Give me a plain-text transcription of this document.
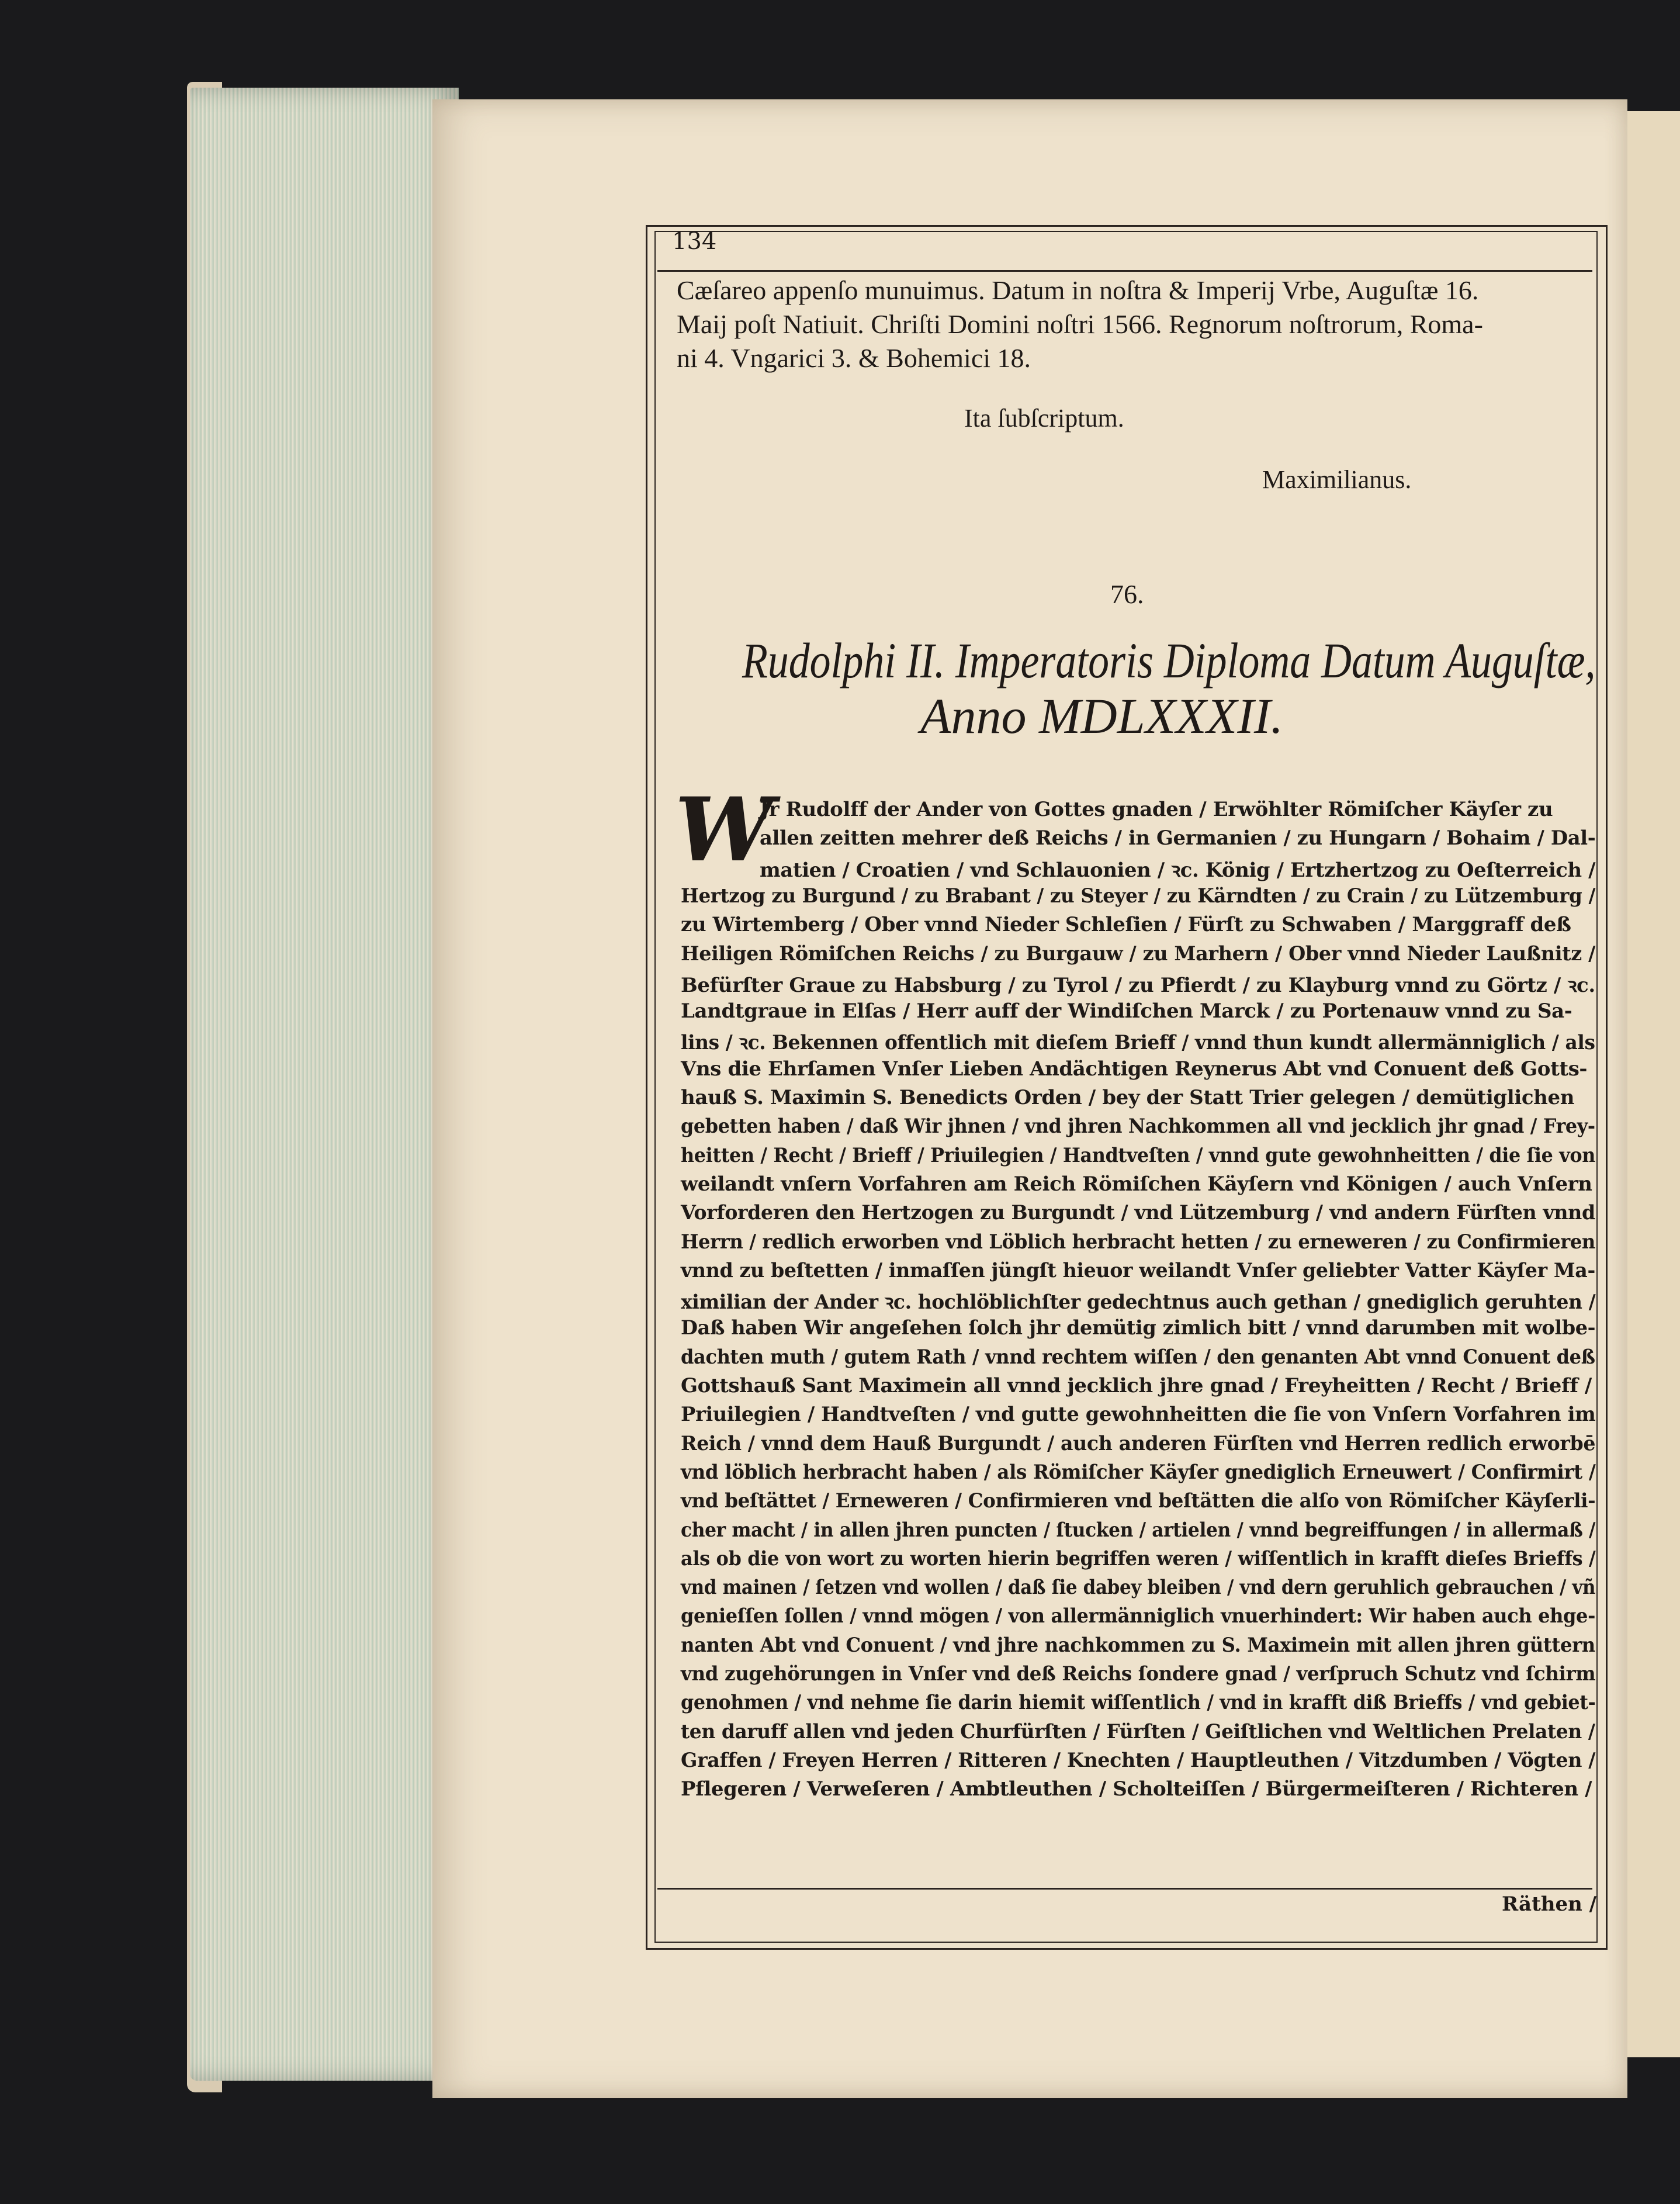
134
Cæſareo appenſo munuimus. Datum in noſtra & Imperij Vrbe, Auguſtæ 16.
Maij poſt Natiuit. Chriſti Domini noſtri 1566. Regnorum noſtrorum, Roma-
ni 4. Vngarici 3. & Bohemici 18.
Ita ſubſcriptum.
Maximilianus.
76.
Rudolphi II. Imperatoris Diploma Datum Auguſtæ,
Anno MDLXXXII.
W
Jr Rudolff der Ander von Gottes gnaden / Erwöhlter Römiſcher Käyſer zu
allen zeitten mehrer deß Reichs / in Germanien / zu Hungarn / Bohaim / Dal-
matien / Croatien / vnd Schlauonien / ꝛc. König / Ertzhertzog zu Oeſterreich /
Hertzog zu Burgund / zu Brabant / zu Steyer / zu Kärndten / zu Crain / zu Lützemburg /
zu Wirtemberg / Ober vnnd Nieder Schleſien / Fürſt zu Schwaben / Marggraff deß
Heiligen Römiſchen Reichs / zu Burgauw / zu Marhern / Ober vnnd Nieder Laußnitz /
Befürſter Graue zu Habsburg / zu Tyrol / zu Pfierdt / zu Klayburg vnnd zu Görtz / ꝛc.
Landtgraue in Elſas / Herr auff der Windiſchen Marck / zu Portenauw vnnd zu Sa-
lins / ꝛc. Bekennen offentlich mit dieſem Brieff / vnnd thun kundt allermänniglich / als
Vns die Ehrſamen Vnſer Lieben Andächtigen Reynerus Abt vnd Conuent deß Gotts-
hauß S. Maximin S. Benedicts Orden / bey der Statt Trier gelegen / demütiglichen
gebetten haben / daß Wir jhnen / vnd jhren Nachkommen all vnd jecklich jhr gnad / Frey-
heitten / Recht / Brieff / Priuilegien / Handtveſten / vnnd gute gewohnheitten / die ſie von
weilandt vnſern Vorfahren am Reich Römiſchen Käyſern vnd Königen / auch Vnſern
Vorforderen den Hertzogen zu Burgundt / vnd Lützemburg / vnd andern Fürſten vnnd
Herrn / redlich erworben vnd Löblich herbracht hetten / zu erneweren / zu Confirmieren
vnnd zu beſtetten / inmaſſen jüngſt hieuor weilandt Vnſer geliebter Vatter Käyſer Ma-
ximilian der Ander ꝛc. hochlöblichſter gedechtnus auch gethan / gnediglich geruhten /
Daß haben Wir angeſehen ſolch jhr demütig zimlich bitt / vnnd darumben mit wolbe-
dachten muth / gutem Rath / vnnd rechtem wiſſen / den genanten Abt vnnd Conuent deß
Gottshauß Sant Maximein all vnnd jecklich jhre gnad / Freyheitten / Recht / Brieff /
Priuilegien / Handtveſten / vnd gutte gewohnheitten die ſie von Vnſern Vorfahren im
Reich / vnnd dem Hauß Burgundt / auch anderen Fürſten vnd Herren redlich erworbē
vnd löblich herbracht haben / als Römiſcher Käyſer gnediglich Erneuwert / Confirmirt /
vnd beſtättet / Erneweren / Confirmieren vnd beſtätten die alſo von Römiſcher Käyſerli-
cher macht / in allen jhren puncten / ſtucken / artielen / vnnd begreiffungen / in allermaß /
als ob die von wort zu worten hierin begriffen weren / wiſſentlich in krafft dieſes Brieffs /
vnd mainen / ſetzen vnd wollen / daß ſie dabey bleiben / vnd dern geruhlich gebrauchen / vñ
genieſſen ſollen / vnnd mögen / von allermänniglich vnuerhindert: Wir haben auch ehge-
nanten Abt vnd Conuent / vnd jhre nachkommen zu S. Maximein mit allen jhren güttern
vnd zugehörungen in Vnſer vnd deß Reichs ſondere gnad / verſpruch Schutz vnd ſchirm
genohmen / vnd nehme ſie darin hiemit wiſſentlich / vnd in krafft diß Brieffs / vnd gebiet-
ten daruff allen vnd jeden Churfürſten / Fürſten / Geiſtlichen vnd Weltlichen Prelaten /
Graffen / Freyen Herren / Ritteren / Knechten / Hauptleuthen / Vitzdumben / Vögten /
Pflegeren / Verweſeren / Ambtleuthen / Scholteiſſen / Bürgermeiſteren / Richteren /
Räthen /
